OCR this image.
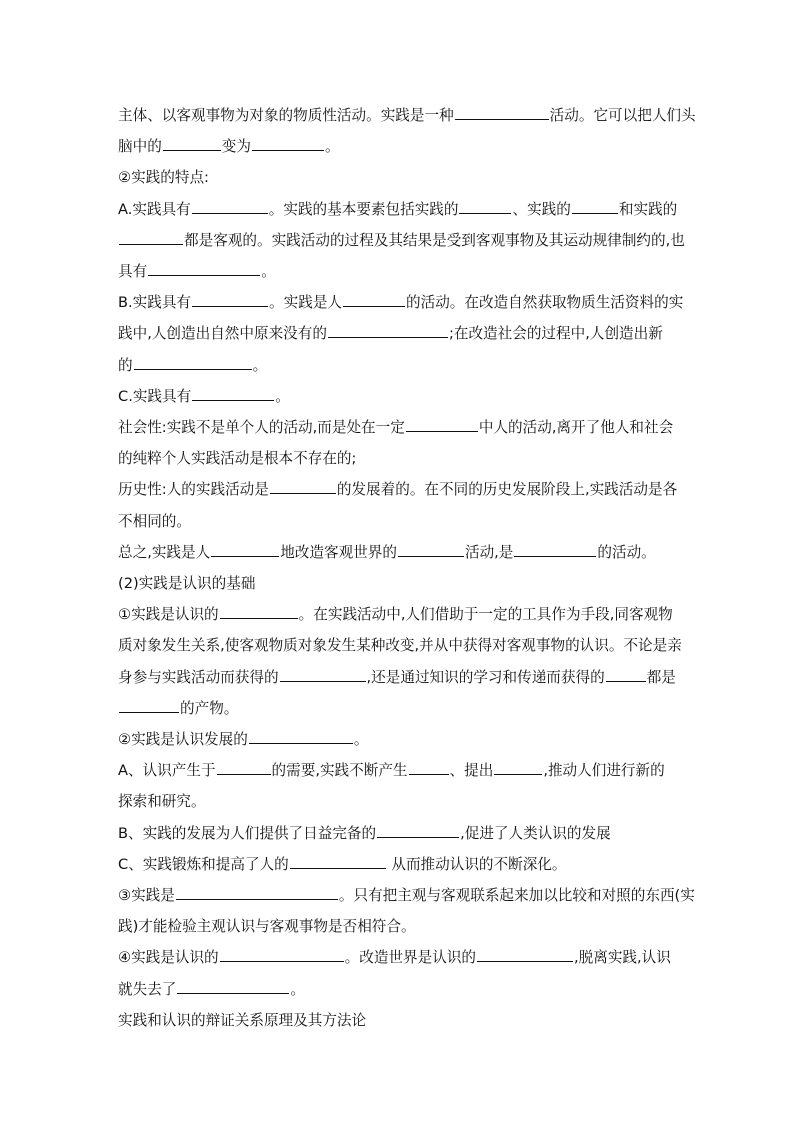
主体、以客观事物为对象的物质性活动。实践是一种	活动。它可以把人们头

脑中的	变为	。

②实践的特点:

A.实践具有	。实践的基本要素包括实践的	、实践的	和实践的

都是客观的。实践活动的过程及其结果是受到客观事物及其运动规律制约的,也

具有	。

B.实践具有	。实践是人	的活动。在改造自然获取物质生活资料的实

践中,人创造出自然中原来没有的	;在改造社会的过程中,人创造出新

的	。

C.实践具有	。

社会性:实践不是单个人的活动,而是处在一定	中人的活动,离开了他人和社会

的纯粹个人实践活动是根本不存在的;

历史性:人的实践活动是	的发展着的。在不同的历史发展阶段上,实践活动是各

不相同的。

总之,实践是人	地改造客观世界的	活动,是	的活动。

(2)实践是认识的基础

①实践是认识的	。在实践活动中,人们借助于一定的工具作为手段,同客观物

质对象发生关系,使客观物质对象发生某种改变,并从中获得对客观事物的认识。不论是亲

身参与实践活动而获得的	,还是通过知识的学习和传递而获得的	都是

的产物。

②实践是认识发展的	。

A、认识产生于	的需要,实践不断产生	、提出	,推动人们进行新的

探索和研究。

B、实践的发展为人们提供了日益完备的	,促进了人类认识的发展

C、实践锻炼和提高了人的	从而推动认识的不断深化。

③实践是	。只有把主观与客观联系起来加以比较和对照的东西(实

践)才能检验主观认识与客观事物是否相符合。

④实践是认识的	。改造世界是认识的	,脱离实践,认识

就失去了	。

实践和认识的辩证关系原理及其方法论
